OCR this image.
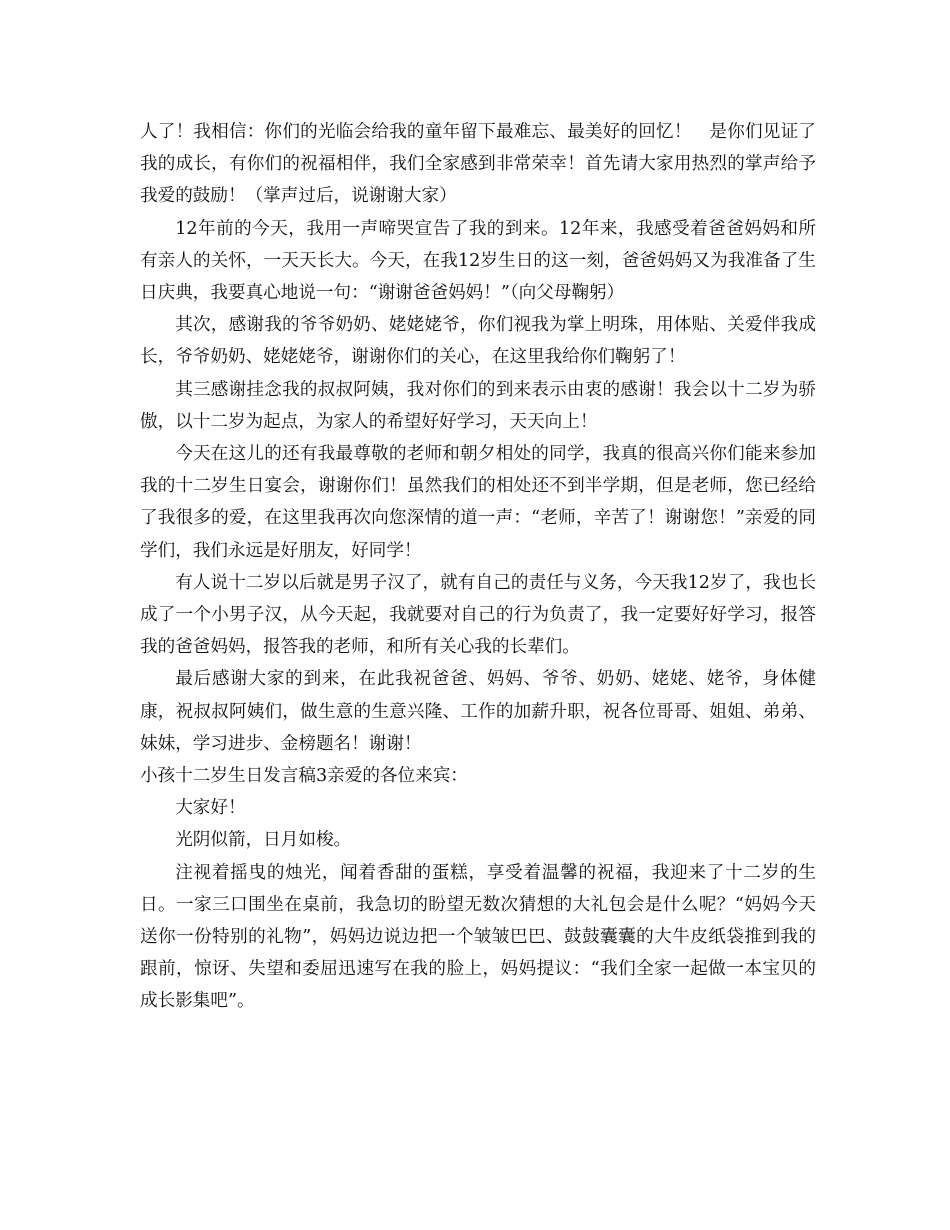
人了！我相信：你们的光临会给我的童年留下最难忘、最美好的回忆！　是你们见证了我的成长，有你们的祝福相伴，我们全家感到非常荣幸！首先请大家用热烈的掌声给予我爱的鼓励！（掌声过后，说谢谢大家）

12年前的今天，我用一声啼哭宣告了我的到来。12年来，我感受着爸爸妈妈和所有亲人的关怀，一天天长大。今天，在我12岁生日的这一刻，爸爸妈妈又为我准备了生日庆典，我要真心地说一句：“谢谢爸爸妈妈！”（向父母鞠躬）

其次，感谢我的爷爷奶奶、姥姥姥爷，你们视我为掌上明珠，用体贴、关爱伴我成长，爷爷奶奶、姥姥姥爷，谢谢你们的关心，在这里我给你们鞠躬了！

其三感谢挂念我的叔叔阿姨，我对你们的到来表示由衷的感谢！我会以十二岁为骄傲，以十二岁为起点，为家人的希望好好学习，天天向上！

今天在这儿的还有我最尊敬的老师和朝夕相处的同学，我真的很高兴你们能来参加我的十二岁生日宴会，谢谢你们！虽然我们的相处还不到半学期，但是老师，您已经给了我很多的爱，在这里我再次向您深情的道一声：“老师，辛苦了！谢谢您！”亲爱的同学们，我们永远是好朋友，好同学！

有人说十二岁以后就是男子汉了，就有自己的责任与义务，今天我12岁了，我也长成了一个小男子汉，从今天起，我就要对自己的行为负责了，我一定要好好学习，报答我的爸爸妈妈，报答我的老师，和所有关心我的长辈们。

最后感谢大家的到来，在此我祝爸爸、妈妈、爷爷、奶奶、姥姥、姥爷，身体健康，祝叔叔阿姨们，做生意的生意兴隆、工作的加薪升职，祝各位哥哥、姐姐、弟弟、妹妹，学习进步、金榜题名！谢谢！

小孩十二岁生日发言稿3亲爱的各位来宾：

大家好！

光阴似箭，日月如梭。

注视着摇曳的烛光，闻着香甜的蛋糕，享受着温馨的祝福，我迎来了十二岁的生日。一家三口围坐在桌前，我急切的盼望无数次猜想的大礼包会是什么呢？“妈妈今天送你一份特别的礼物”，妈妈边说边把一个皱皱巴巴、鼓鼓囊囊的大牛皮纸袋推到我的跟前，惊讶、失望和委屈迅速写在我的脸上，妈妈提议：“我们全家一起做一本宝贝的成长影集吧”。
